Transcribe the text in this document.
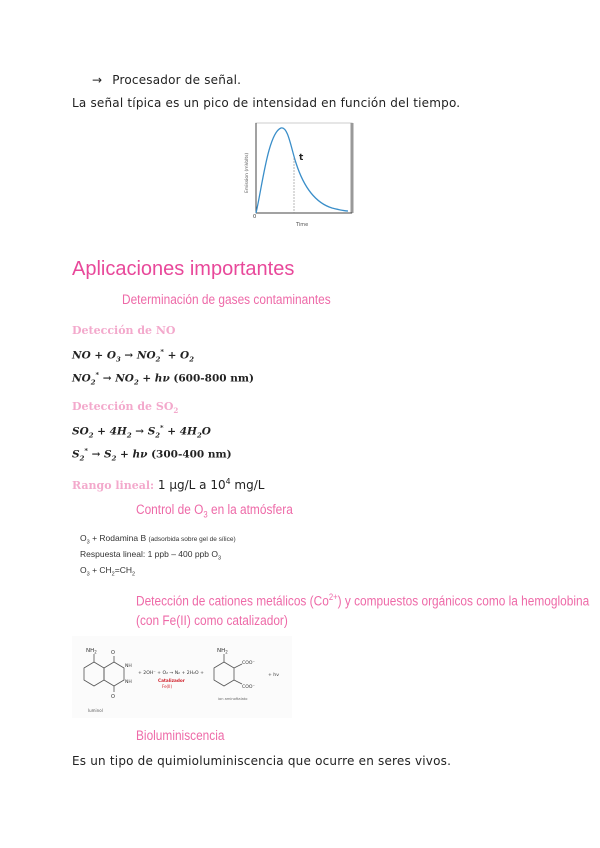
→ Procesador de señal.
La señal típica es un pico de intensidad en función del tiempo.
t
0
Time
Emission (mVolts)
Aplicaciones importantes
Determinación de gases contaminantes
Detección de NO
NO + $O_3 \to NO_2^* + O_2$
$NO_2^* \to NO_2 + h\nu$ (600-800 nm)
Detección de $SO_2$
$SO_2 + 4H_2 \to S_2^* + 4H_2O$
$S_2^* \to S_2 + h\nu$ (300-400 nm)
Rango lineal: 1 µg/L a $10^4$ mg/L
Control de $O_3$ en la atmósfera
$O_3$ + Rodamina B (adsorbida sobre gel de sílice)
Respuesta lineal: 1 ppb – 400 ppb $O_3$
$O_3 + CH_2=CH_2$
Detección de cationes metálicos $(Co^{2+})$ y compuestos orgánicos como la hemoglobina
(con Fe(II) como catalizador)
$NH_2$	O
O
NH
NH
luminol
+ 2OH⁻ + O₂ → N₂ + 2H₂O +
Catalizador
Fe(II)
$NH_2$
COO⁻
COO⁻
+ hν
ion aminoftalato
Bioluminiscencia
Es un tipo de quimioluminiscencia que ocurre en seres vivos.
